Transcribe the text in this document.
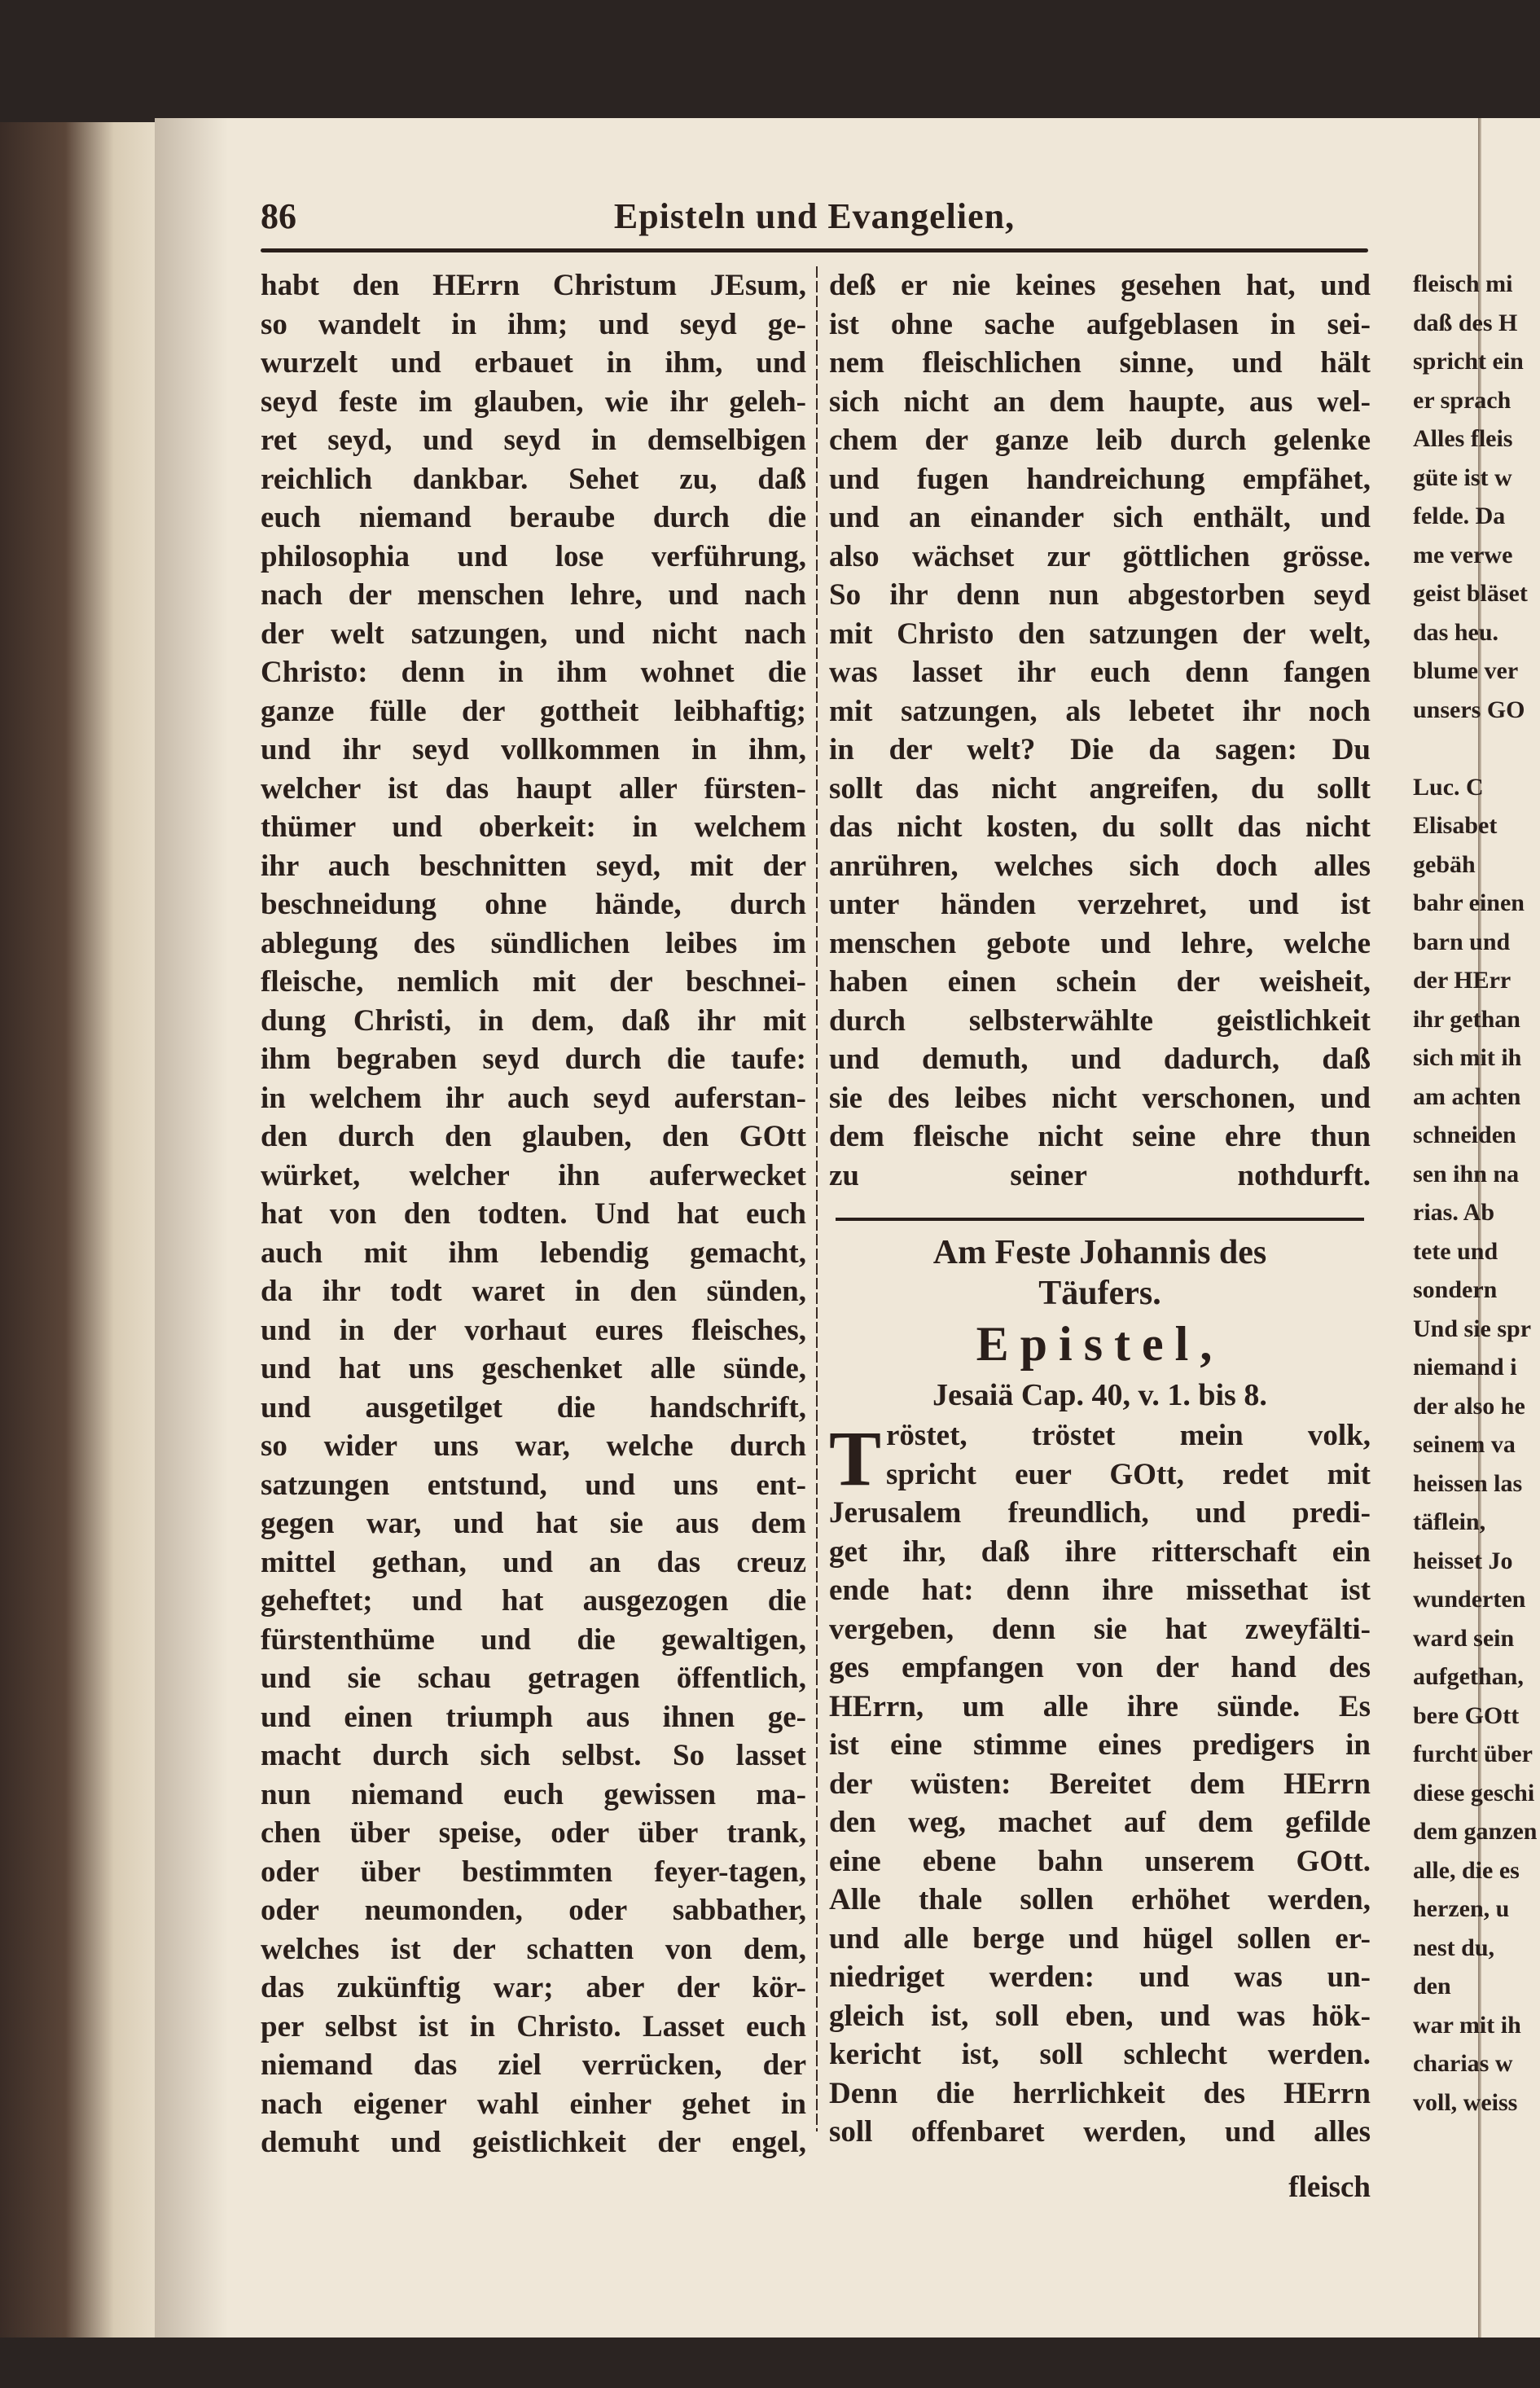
86	Episteln und Evangelien,
habt den HErrn Christum JEsum,
so wandelt in ihm; und seyd ge-
wurzelt und erbauet in ihm, und
seyd feste im glauben, wie ihr geleh-
ret seyd, und seyd in demselbigen
reichlich dankbar. Sehet zu, daß
euch niemand beraube durch die
philosophia und lose verführung,
nach der menschen lehre, und nach
der welt satzungen, und nicht nach
Christo: denn in ihm wohnet die
ganze fülle der gottheit leibhaftig;
und ihr seyd vollkommen in ihm,
welcher ist das haupt aller fürsten-
thümer und oberkeit: in welchem
ihr auch beschnitten seyd, mit der
beschneidung ohne hände, durch
ablegung des sündlichen leibes im
fleische, nemlich mit der beschnei-
dung Christi, in dem, daß ihr mit
ihm begraben seyd durch die taufe:
in welchem ihr auch seyd auferstan-
den durch den glauben, den GOtt
würket, welcher ihn auferwecket
hat von den todten. Und hat euch
auch mit ihm lebendig gemacht,
da ihr todt waret in den sünden,
und in der vorhaut eures fleisches,
und hat uns geschenket alle sünde,
und ausgetilget die handschrift,
so wider uns war, welche durch
satzungen entstund, und uns ent-
gegen war, und hat sie aus dem
mittel gethan, und an das creuz
geheftet; und hat ausgezogen die
fürstenthüme und die gewaltigen,
und sie schau getragen öffentlich,
und einen triumph aus ihnen ge-
macht durch sich selbst. So lasset
nun niemand euch gewissen ma-
chen über speise, oder über trank,
oder über bestimmten feyer-tagen,
oder neumonden, oder sabbather,
welches ist der schatten von dem,
das zukünftig war; aber der kör-
per selbst ist in Christo. Lasset euch
niemand das ziel verrücken, der
nach eigener wahl einher gehet in
demuht und geistlichkeit der engel,
deß er nie keines gesehen hat, und
ist ohne sache aufgeblasen in sei-
nem fleischlichen sinne, und hält
sich nicht an dem haupte, aus wel-
chem der ganze leib durch gelenke
und fugen handreichung empfähet,
und an einander sich enthält, und
also wächset zur göttlichen grösse.
So ihr denn nun abgestorben seyd
mit Christo den satzungen der welt,
was lasset ihr euch denn fangen
mit satzungen, als lebetet ihr noch
in der welt? Die da sagen: Du
sollt das nicht angreifen, du sollt
das nicht kosten, du sollt das nicht
anrühren, welches sich doch alles
unter händen verzehret, und ist
menschen gebote und lehre, welche
haben einen schein der weisheit,
durch selbsterwählte geistlichkeit
und demuth, und dadurch, daß
sie des leibes nicht verschonen, und
dem fleische nicht seine ehre thun
zu seiner nothdurft.
Am Feste Johannis des
Täufers.
Epistel,
Jesaiä Cap. 40, v. 1. bis 8.
T röstet, tröstet mein volk,
spricht euer GOtt, redet mit
Jerusalem freundlich, und predi-
get ihr, daß ihre ritterschaft ein
ende hat: denn ihre missethat ist
vergeben, denn sie hat zweyfälti-
ges empfangen von der hand des
HErrn, um alle ihre sünde. Es
ist eine stimme eines predigers in
der wüsten: Bereitet dem HErrn
den weg, machet auf dem gefilde
eine ebene bahn unserem GOtt.
Alle thale sollen erhöhet werden,
und alle berge und hügel sollen er-
niedriget werden: und was un-
gleich ist, soll eben, und was hök-
kericht ist, soll schlecht werden.
Denn die herrlichkeit des HErrn
soll offenbaret werden, und alles
fleisch
fleisch mi
daß des H
spricht ein
er sprach
Alles fleis
güte ist w
felde. Da
me verwe
geist bläset
das heu.
blume ver
unsers GO
Luc. C
Elisabet
gebäh
bahr einen
barn und
der HErr
ihr gethan
sich mit ih
am achten
schneiden
sen ihn na
rias. Ab
tete und
sondern
Und sie spr
niemand i
der also he
seinem va
heissen las
täflein,
heisset Jo
wunderten
ward sein
aufgethan,
bere GOtt
furcht über
diese geschi
dem ganzen
alle, die es
herzen, u
nest du,
den
war mit ih
charias w
voll, weiss
